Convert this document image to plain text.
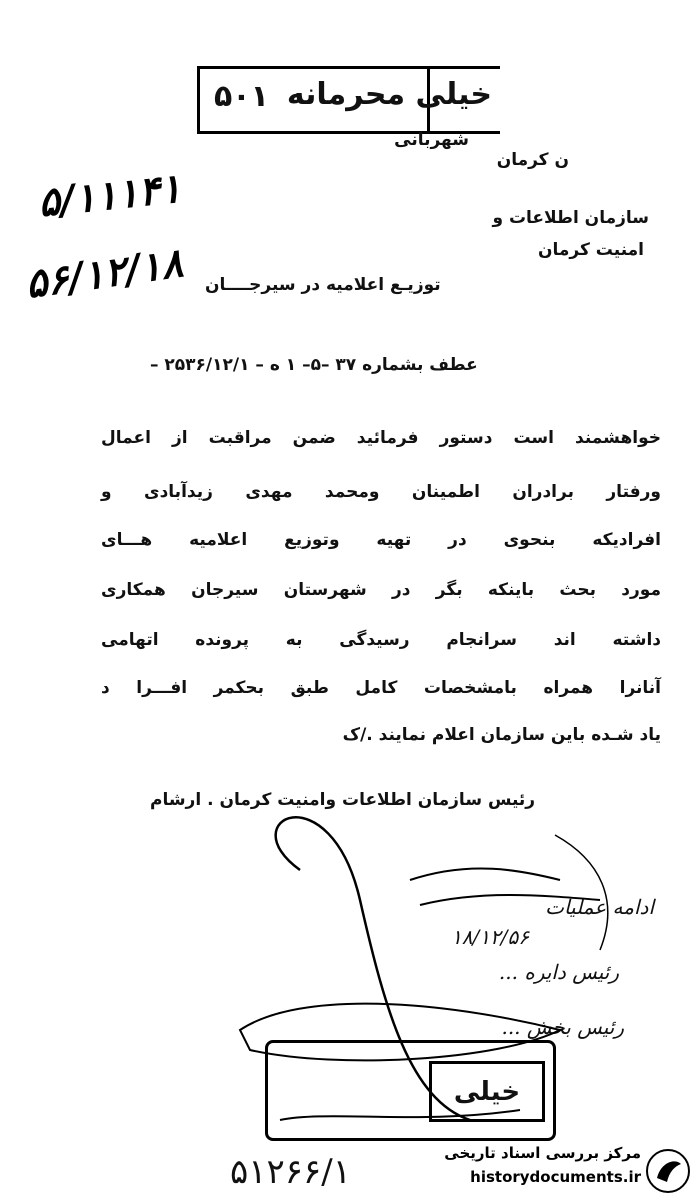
خیلی محرمانه
۵۰۱
شهربانی
ن کرمان
سازمان اطلاعات و
امنیت کرمان
۵/۱۱۱۴۱
۵۶/۱۲/۱۸ توزیـع اعلامیه در سیرجــــان
عطف بشماره ۳۷ –۵– ۱ ه – ۲۵۳۶/۱۲/۱ –
خواهشمند است دستور فرمائید ضمن مراقبت از اعمال
ورفتار برادران اطمینان ومحمد مهدی زیدآبادی و
افرادیکه بنحوی در تهیه وتوزیع اعلامیه هـــای
مورد بحث باینکه بگر در شهرستان سیرجان همکاری
داشته اند سرانجام رسیدگی به پرونده اتهامی
آنانرا همراه بامشخصات کامل طبق بحکمر افـــرا د
یاد شـده باین سازمان اعلام نمایند ./ک
رئیس سازمان اطلاعات وامنیت کرمان . ارشام
ادامه عملیات
۱۸/۱۲/۵۶
رئیس دایره ...
رئیس بخش ...
خیلی
۵۱۲۶۶/۱	مرکز بررسی اسناد تاریخی
historydocuments.ir
